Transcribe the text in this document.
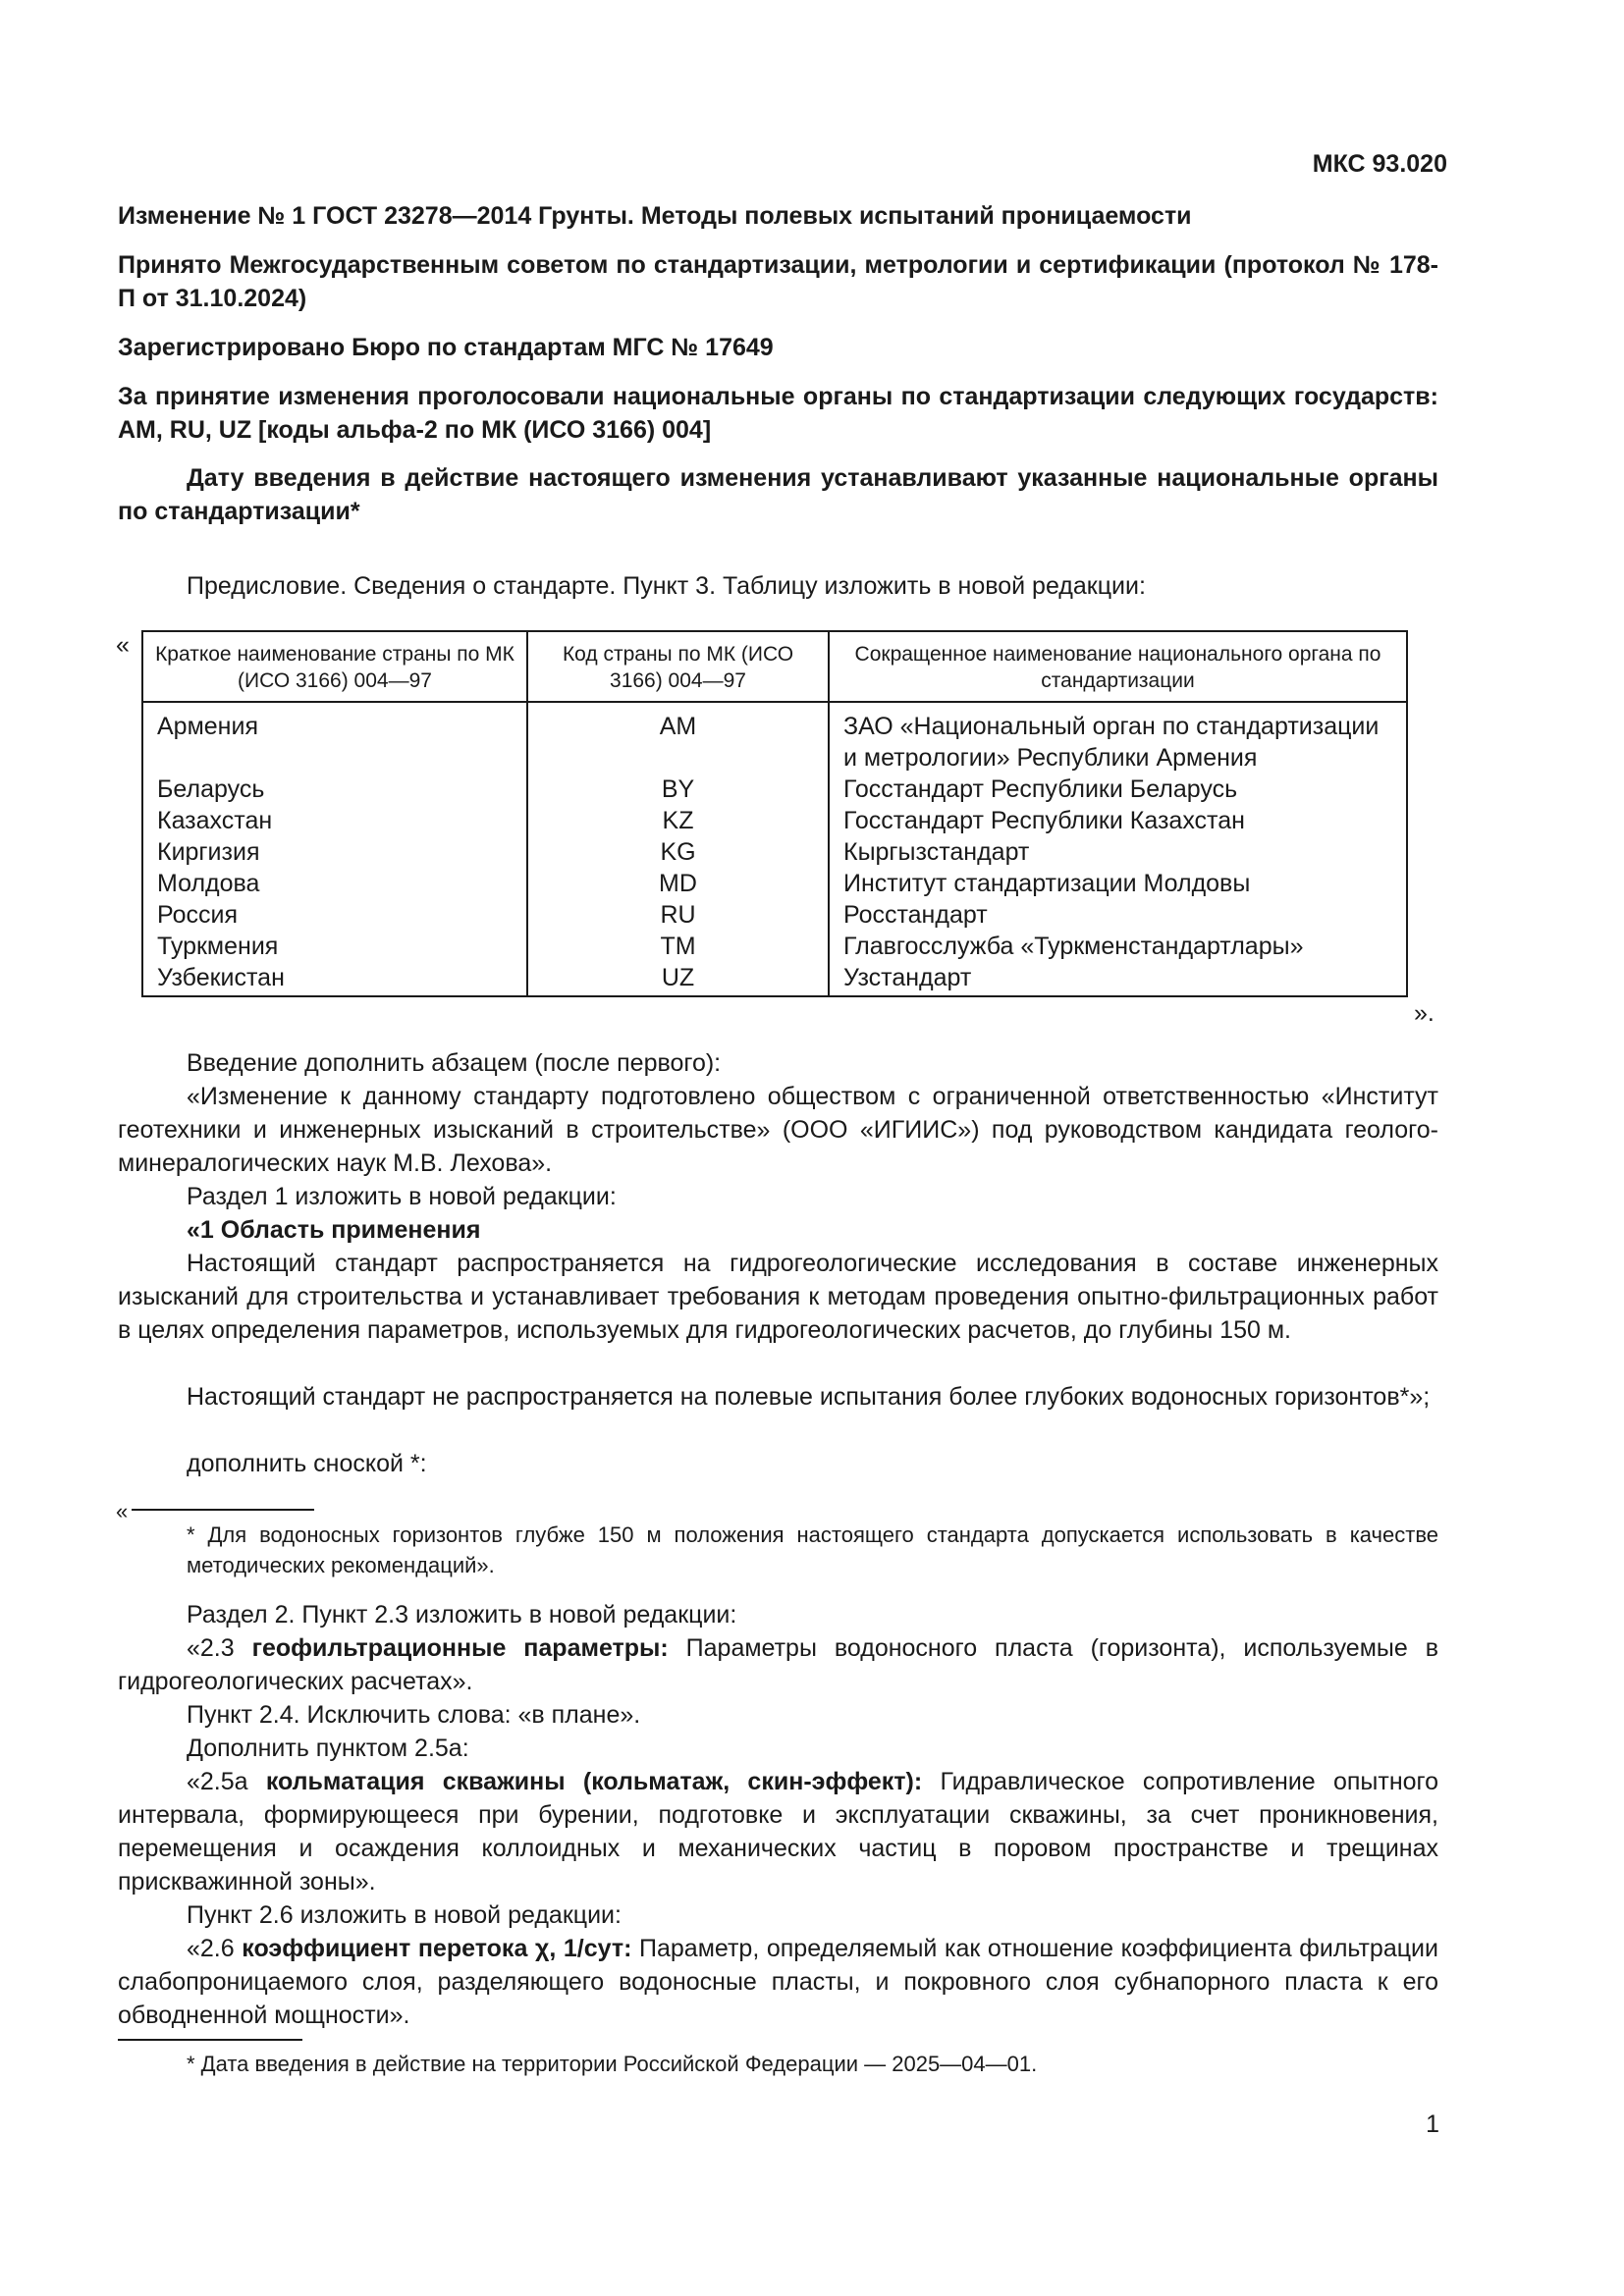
МКС 93.020
Изменение № 1 ГОСТ 23278—2014 Грунты. Методы полевых испытаний проницаемости
Принято Межгосударственным советом по стандартизации, метрологии и сертификации (протокол № 178-П от 31.10.2024)
Зарегистрировано Бюро по стандартам МГС № 17649
За принятие изменения проголосовали национальные органы по стандартизации следующих государств: AM, RU, UZ [коды альфа-2 по МК (ИСО 3166) 004]
Дату введения в действие настоящего изменения устанавливают указанные национальные органы по стандартизации*
Предисловие. Сведения о стандарте. Пункт 3. Таблицу изложить в новой редакции:
« Краткое наименование страны по МК (ИСО 3166) 004—97	Код страны по МК (ИСО 3166) 004—97	Сокращенное наименование национального органа по стандартизации
Армения	AM	ЗАО «Национальный орган по стандартизации и метрологии» Республики Армения
Беларусь	BY	Госстандарт Республики Беларусь
Казахстан	KZ	Госстандарт Республики Казахстан
Киргизия	KG	Кыргызстандарт
Молдова	MD	Институт стандартизации Молдовы
Россия	RU	Росстандарт
Туркмения	TM	Главгосслужба «Туркменстандартлары»
Узбекистан	UZ	Узстандарт
».
Введение дополнить абзацем (после первого):
«Изменение к данному стандарту подготовлено обществом с ограниченной ответственностью «Институт геотехники и инженерных изысканий в строительстве» (ООО «ИГИИС») под руководством кандидата геолого-минералогических наук М.В. Лехова».
Раздел 1 изложить в новой редакции:
«1 Область применения
Настоящий стандарт распространяется на гидрогеологические исследования в составе инженерных изысканий для строительства и устанавливает требования к методам проведения опытно-фильтрационных работ в целях определения параметров, используемых для гидрогеологических расчетов, до глубины 150 м.
Настоящий стандарт не распространяется на полевые испытания более глубоких водоносных горизонтов*»;
дополнить сноской *:
«
* Для водоносных горизонтов глубже 150 м положения настоящего стандарта допускается использовать в качестве методических рекомендаций».
Раздел 2. Пункт 2.3 изложить в новой редакции:
«2.3 геофильтрационные параметры: Параметры водоносного пласта (горизонта), используемые в гидрогеологических расчетах».
Пункт 2.4. Исключить слова: «в плане».
Дополнить пунктом 2.5а:
«2.5а кольматация скважины (кольматаж, скин-эффект): Гидравлическое сопротивление опытного интервала, формирующееся при бурении, подготовке и эксплуатации скважины, за счет проникновения, перемещения и осаждения коллоидных и механических частиц в поровом пространстве и трещинах прискважинной зоны».
Пункт 2.6 изложить в новой редакции:
«2.6 коэффициент перетока χ, 1/сут: Параметр, определяемый как отношение коэффициента фильтрации слабопроницаемого слоя, разделяющего водоносные пласты, и покровного слоя субнапорного пласта к его обводненной мощности».
* Дата введения в действие на территории Российской Федерации — 2025—04—01.
1
